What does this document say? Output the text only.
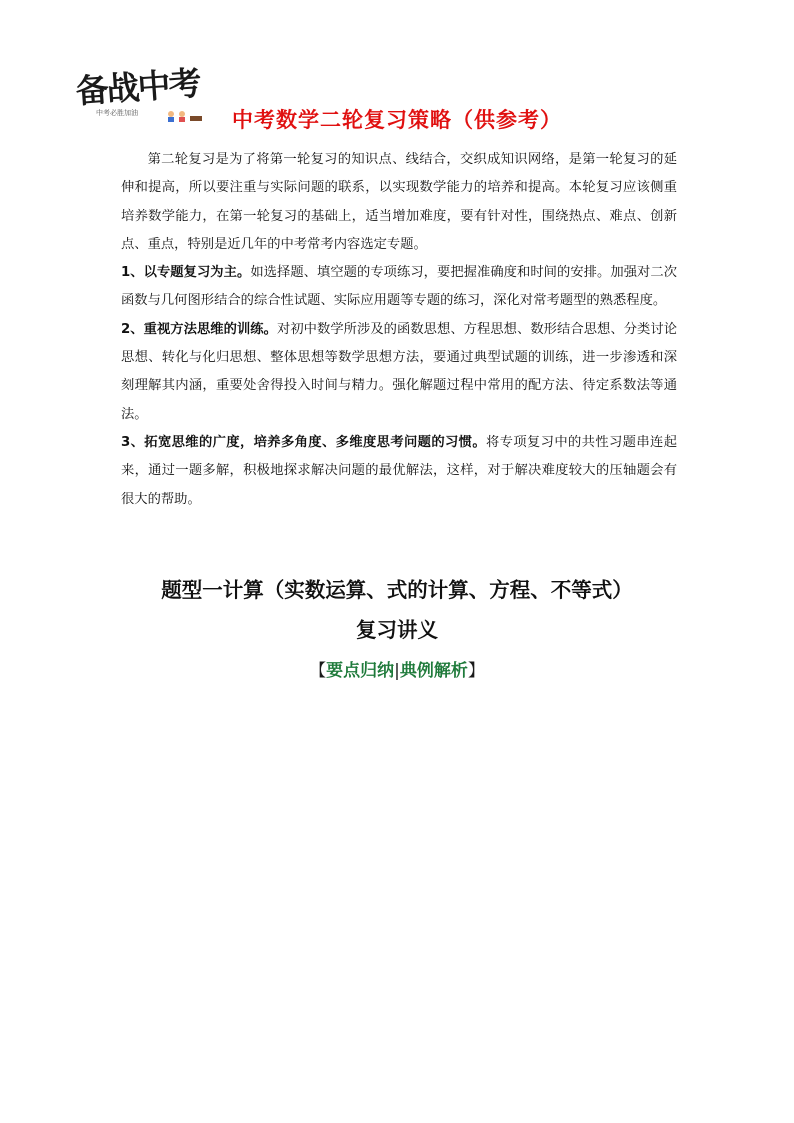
备战中考
中考必胜加油	中考数学二轮复习策略（供参考）

第二轮复习是为了将第一轮复习的知识点、线结合，交织成知识网络，是第一轮复习的延伸和提高，所以要注重与实际问题的联系，以实现数学能力的培养和提高。本轮复习应该侧重培养数学能力，在第一轮复习的基础上，适当增加难度，要有针对性，围绕热点、难点、创新点、重点，特别是近几年的中考常考内容选定专题。

1、以专题复习为主。如选择题、填空题的专项练习，要把握准确度和时间的安排。加强对二次函数与几何图形结合的综合性试题、实际应用题等专题的练习，深化对常考题型的熟悉程度。

2、重视方法思维的训练。对初中数学所涉及的函数思想、方程思想、数形结合思想、分类讨论思想、转化与化归思想、整体思想等数学思想方法，要通过典型试题的训练，进一步渗透和深刻理解其内涵，重要处舍得投入时间与精力。强化解题过程中常用的配方法、待定系数法等通法。

3、拓宽思维的广度，培养多角度、多维度思考问题的习惯。将专项复习中的共性习题串连起来，通过一题多解，积极地探求解决问题的最优解法，这样，对于解决难度较大的压轴题会有很大的帮助。

题型一计算（实数运算、式的计算、方程、不等式）
复习讲义
【要点归纳|典例解析】
